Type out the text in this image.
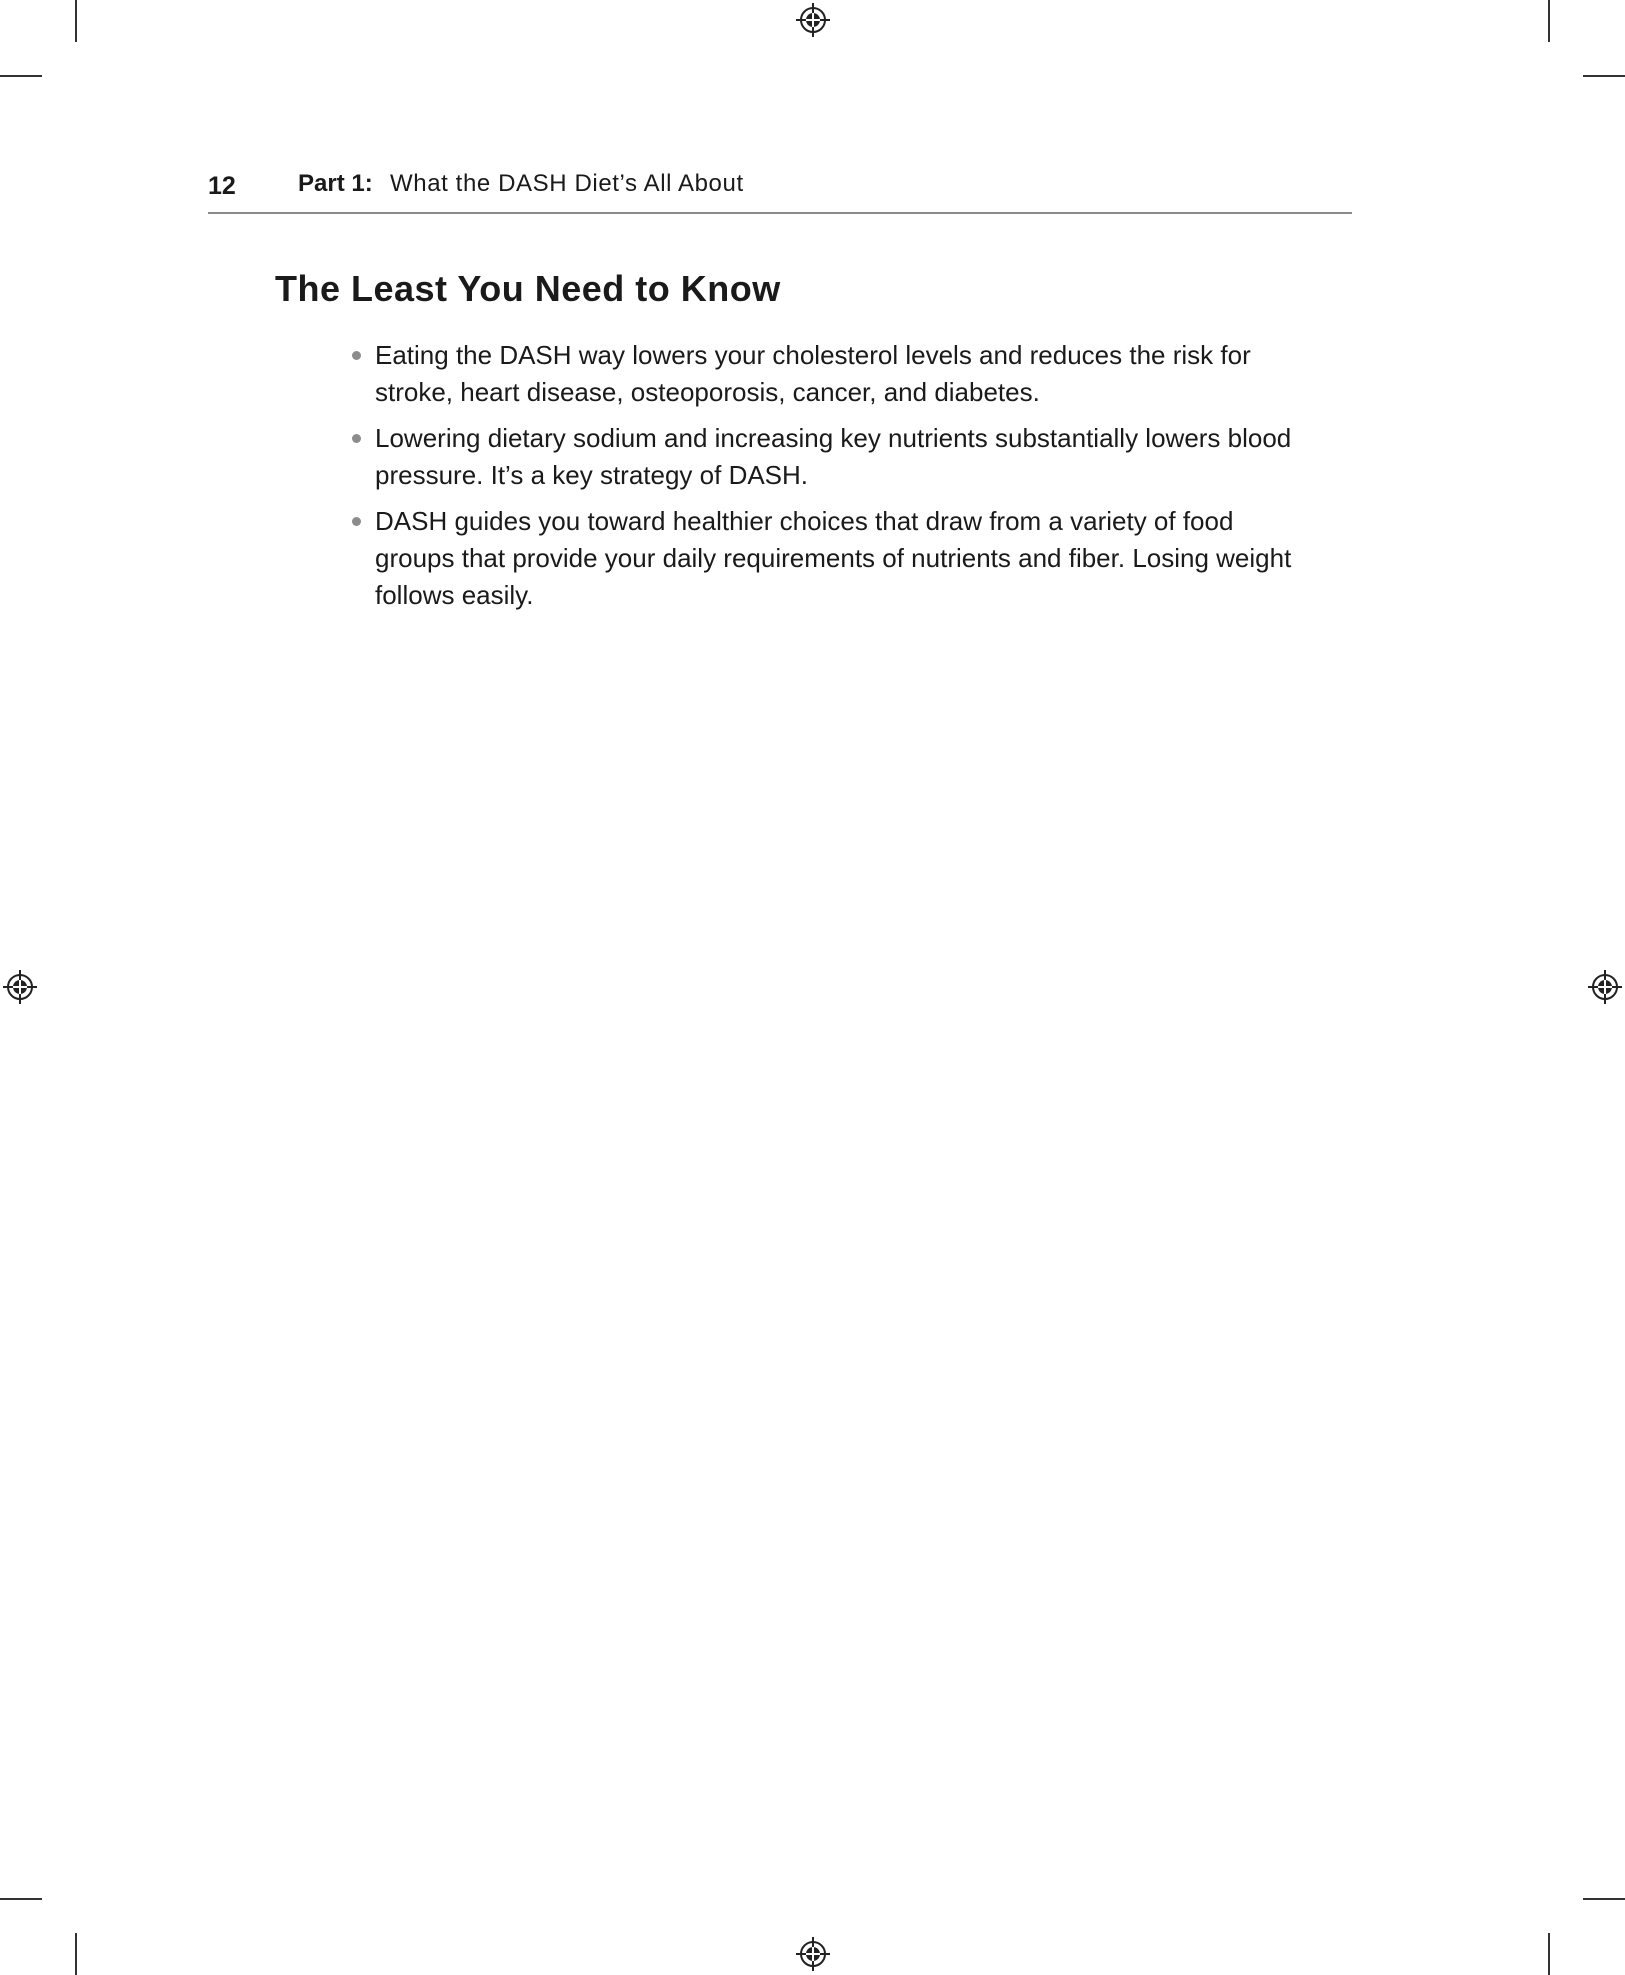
12	Part 1: What the DASH Diet’s All About
The Least You Need to Know
Eating the DASH way lowers your cholesterol levels and reduces the risk for stroke, heart disease, osteoporosis, cancer, and diabetes.
Lowering dietary sodium and increasing key nutrients substantially lowers blood pressure. It’s a key strategy of DASH.
DASH guides you toward healthier choices that draw from a variety of food groups that provide your daily requirements of nutrients and fiber. Losing weight follows easily.
